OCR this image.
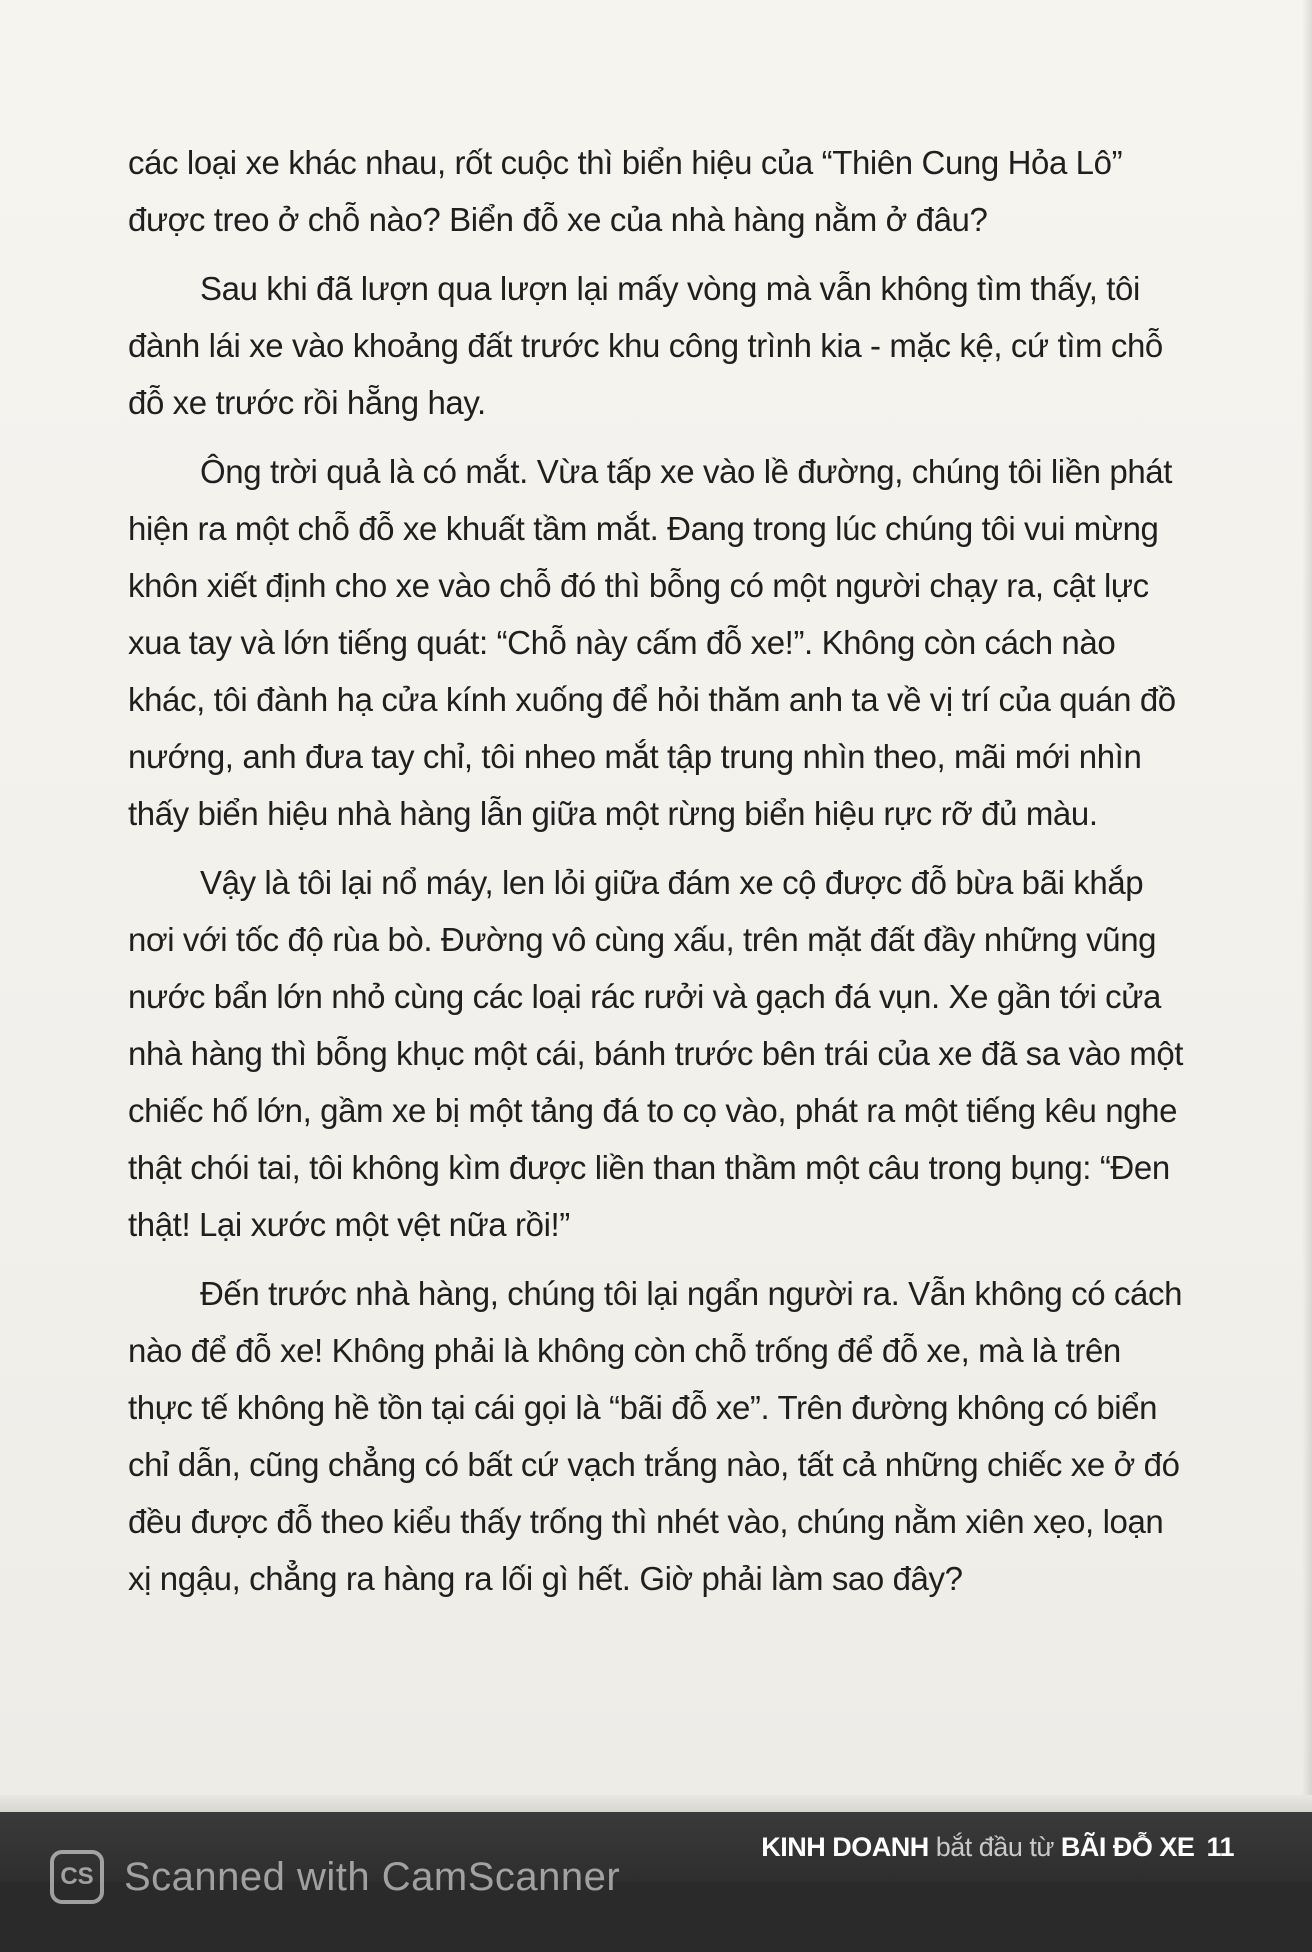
các loại xe khác nhau, rốt cuộc thì biển hiệu của “Thiên Cung Hỏa Lô” được treo ở chỗ nào? Biển đỗ xe của nhà hàng nằm ở đâu?

Sau khi đã lượn qua lượn lại mấy vòng mà vẫn không tìm thấy, tôi đành lái xe vào khoảng đất trước khu công trình kia - mặc kệ, cứ tìm chỗ đỗ xe trước rồi hẵng hay.

Ông trời quả là có mắt. Vừa tấp xe vào lề đường, chúng tôi liền phát hiện ra một chỗ đỗ xe khuất tầm mắt. Đang trong lúc chúng tôi vui mừng khôn xiết định cho xe vào chỗ đó thì bỗng có một người chạy ra, cật lực xua tay và lớn tiếng quát: “Chỗ này cấm đỗ xe!”. Không còn cách nào khác, tôi đành hạ cửa kính xuống để hỏi thăm anh ta về vị trí của quán đồ nướng, anh đưa tay chỉ, tôi nheo mắt tập trung nhìn theo, mãi mới nhìn thấy biển hiệu nhà hàng lẫn giữa một rừng biển hiệu rực rỡ đủ màu.

Vậy là tôi lại nổ máy, len lỏi giữa đám xe cộ được đỗ bừa bãi khắp nơi với tốc độ rùa bò. Đường vô cùng xấu, trên mặt đất đầy những vũng nước bẩn lớn nhỏ cùng các loại rác rưởi và gạch đá vụn. Xe gần tới cửa nhà hàng thì bỗng khục một cái, bánh trước bên trái của xe đã sa vào một chiếc hố lớn, gầm xe bị một tảng đá to cọ vào, phát ra một tiếng kêu nghe thật chói tai, tôi không kìm được liền than thầm một câu trong bụng: “Đen thật! Lại xước một vệt nữa rồi!”

Đến trước nhà hàng, chúng tôi lại ngẩn người ra. Vẫn không có cách nào để đỗ xe! Không phải là không còn chỗ trống để đỗ xe, mà là trên thực tế không hề tồn tại cái gọi là “bãi đỗ xe”. Trên đường không có biển chỉ dẫn, cũng chẳng có bất cứ vạch trắng nào, tất cả những chiếc xe ở đó đều được đỗ theo kiểu thấy trống thì nhét vào, chúng nằm xiên xẹo, loạn xị ngậu, chẳng ra hàng ra lối gì hết. Giờ phải làm sao đây?

KINH DOANH bắt đầu từ BÃI ĐỖ XE 11
CS Scanned with CamScanner
